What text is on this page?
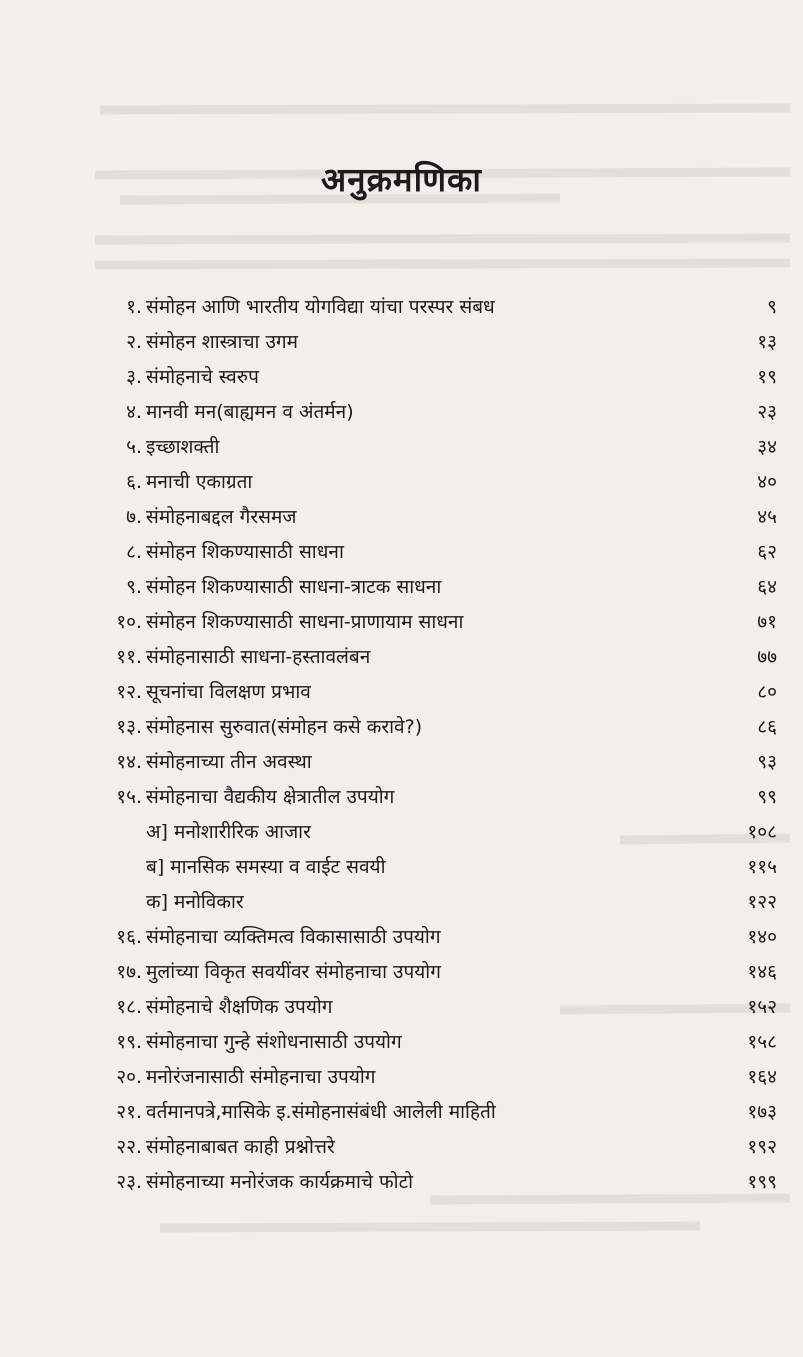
अनुक्रमणिका
१. संमोहन आणि भारतीय योगविद्या यांचा परस्पर संबध	९
२. संमोहन शास्त्राचा उगम	१३
३. संमोहनाचे स्वरुप	१९
४. मानवी मन(बाह्यमन व अंतर्मन)	२३
५. इच्छाशक्ती	३४
६. मनाची एकाग्रता	४०
७. संमोहनाबद्दल गैरसमज	४५
८. संमोहन शिकण्यासाठी साधना	६२
९. संमोहन शिकण्यासाठी साधना-त्राटक साधना	६४
१०. संमोहन शिकण्यासाठी साधना-प्राणायाम साधना	७१
११. संमोहनासाठी साधना-हस्तावलंबन	७७
१२. सूचनांचा विलक्षण प्रभाव	८०
१३. संमोहनास सुरुवात(संमोहन कसे करावे?)	८६
१४. संमोहनाच्या तीन अवस्था	९३
१५. संमोहनाचा वैद्यकीय क्षेत्रातील उपयोग	९९
अ] मनोशारीरिक आजार	१०८
ब] मानसिक समस्या व वाईट सवयी	११५
क] मनोविकार	१२२
१६. संमोहनाचा व्यक्तिमत्व विकासासाठी उपयोग	१४०
१७. मुलांच्या विकृत सवयींवर संमोहनाचा उपयोग	१४६
१८. संमोहनाचे शैक्षणिक उपयोग	१५२
१९. संमोहनाचा गुन्हे संशोधनासाठी उपयोग	१५८
२०. मनोरंजनासाठी संमोहनाचा उपयोग	१६४
२१. वर्तमानपत्रे,मासिके इ.संमोहनासंबंधी आलेली माहिती	१७३
२२. संमोहनाबाबत काही प्रश्नोत्तरे	१९२
२३. संमोहनाच्या मनोरंजक कार्यक्रमाचे फोटो	१९९
